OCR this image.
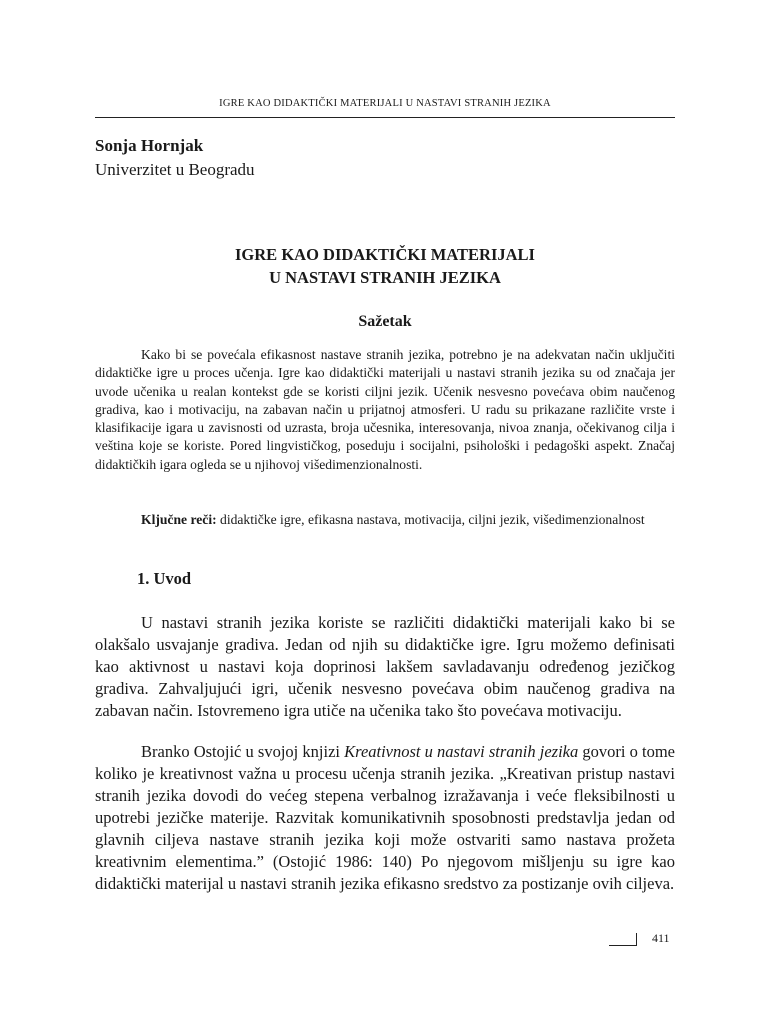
IGRE KAO DIDAKTIČKI MATERIJALI U NASTAVI STRANIH JEZIKA
Sonja Hornjak
Univerzitet u Beogradu
IGRE KAO DIDAKTIČKI MATERIJALI
U NASTAVI STRANIH JEZIKA
Sažetak

Kako bi se povećala efikasnost nastave stranih jezika, potrebno je na adekvatan način uključiti didaktičke igre u proces učenja. Igre kao didaktički materijali u nastavi stranih jezika su od značaja jer uvode učenika u realan kontekst gde se koristi ciljni jezik. Učenik nesvesno povećava obim naučenog gradiva, kao i motivaciju, na zabavan način u prijatnoj atmosferi. U radu su prikazane različite vrste i klasifikacije igara u zavisnosti od uzrasta, broja učesnika, interesovanja, nivoa znanja, očekivanog cilja i veština koje se koriste. Pored lingvističkog, poseduju i socijalni, psihološki i pedagoški aspekt. Značaj didaktičkih igara ogleda se u njihovoj višedimenzionalnosti.

Ključne reči: didaktičke igre, efikasna nastava, motivacija, ciljni jezik, višedimenzionalnost

1. Uvod

U nastavi stranih jezika koriste se različiti didaktički materijali kako bi se olakšalo usvajanje gradiva. Jedan od njih su didaktičke igre. Igru možemo definisati kao aktivnost u nastavi koja doprinosi lakšem savladavanju određenog jezičkog gradiva. Zahvaljujući igri, učenik nesvesno povećava obim naučenog gradiva na zabavan način. Istovremeno igra utiče na učenika tako što povećava motivaciju.

Branko Ostojić u svojoj knjizi Kreativnost u nastavi stranih jezika govori o tome koliko je kreativnost važna u procesu učenja stranih jezika. „Kreativan pristup nastavi stranih jezika dovodi do većeg stepena verbalnog izražavanja i veće fleksibilnosti u upotrebi jezičke materije. Razvitak komunikativnih sposobnosti predstavlja jedan od glavnih ciljeva nastave stranih jezika koji može ostvariti samo nastava prožeta kreativnim elementima.” (Ostojić 1986: 140) Po njegovom mišljenju su igre kao didaktički materijal u nastavi stranih jezika efikasno sredstvo za postizanje ovih ciljeva.

411
